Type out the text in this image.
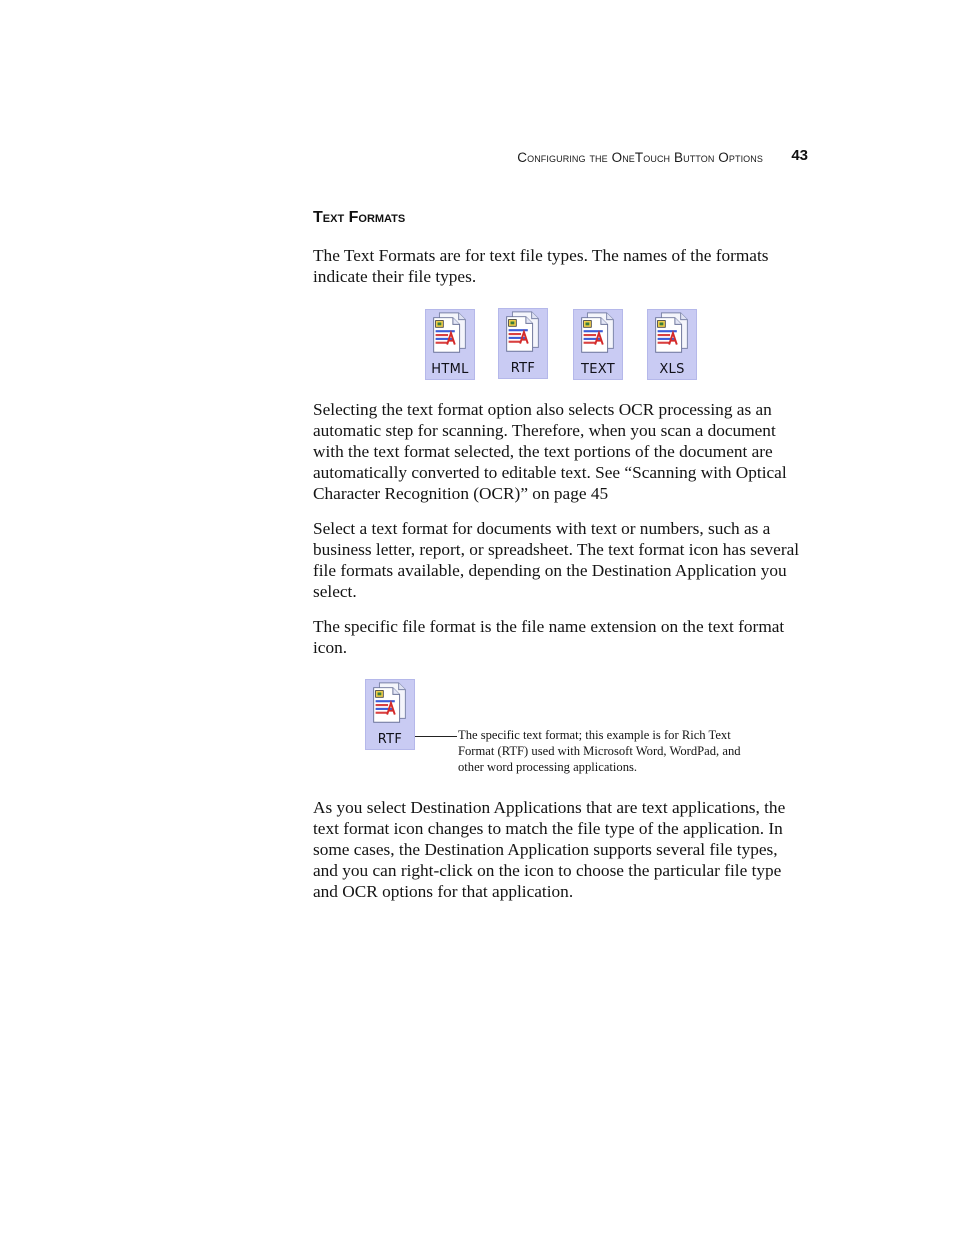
Configuring the OneTouch Button Options 43
Text Formats

The Text Formats are for text file types. The names of the formats indicate their file types.

HTML	RTF	TEXT	XLS

Selecting the text format option also selects OCR processing as an automatic step for scanning. Therefore, when you scan a document with the text format selected, the text portions of the document are automatically converted to editable text. See “Scanning with Optical Character Recognition (OCR)” on page 45

Select a text format for documents with text or numbers, such as a business letter, report, or spreadsheet. The text format icon has several file formats available, depending on the Destination Application you select.

The specific file format is the file name extension on the text format icon.

RTF	The specific text format; this example is for Rich Text Format (RTF) used with Microsoft Word, WordPad, and other word processing applications.

As you select Destination Applications that are text applications, the text format icon changes to match the file type of the application. In some cases, the Destination Application supports several file types, and you can right-click on the icon to choose the particular file type and OCR options for that application.
